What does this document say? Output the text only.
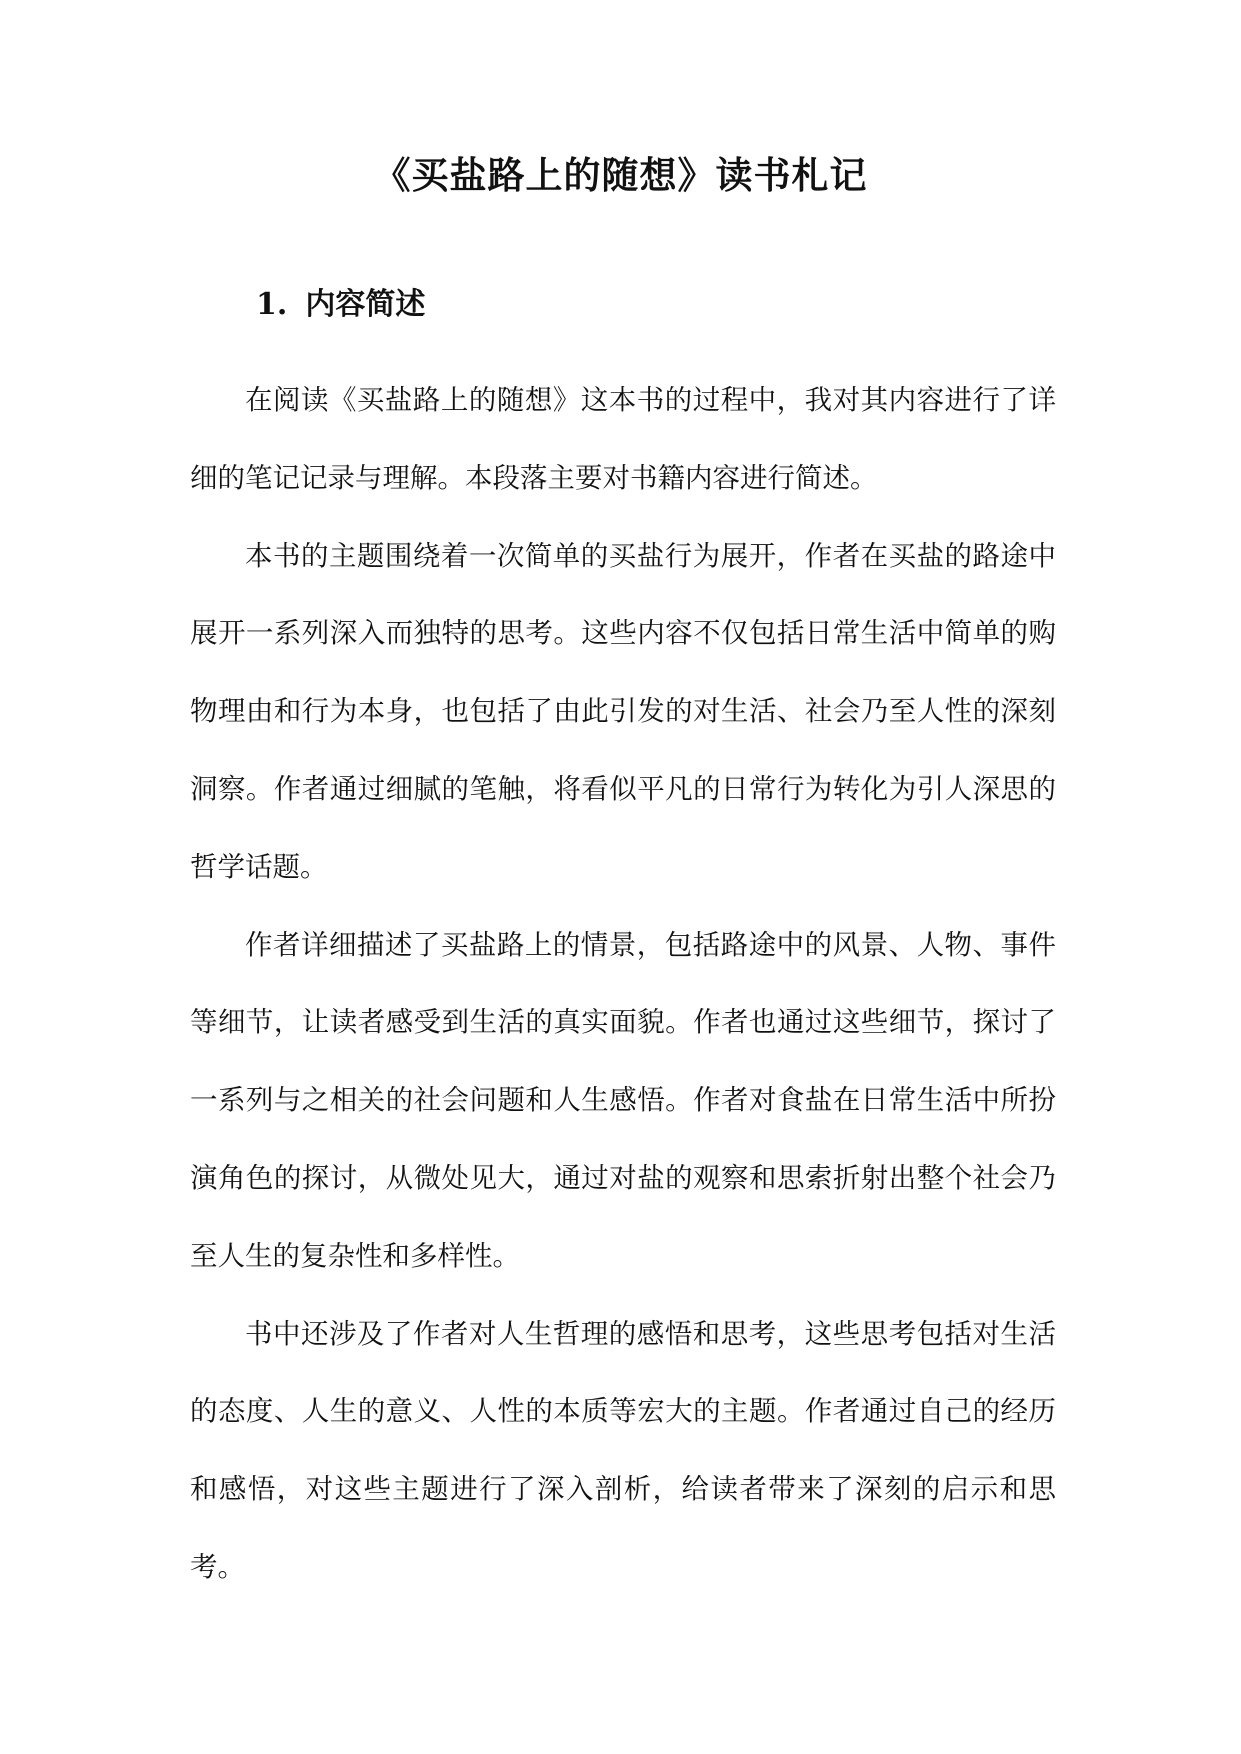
《买盐路上的随想》读书札记
1. 内容简述

在阅读《买盐路上的随想》这本书的过程中，我对其内容进行了详细的笔记记录与理解。本段落主要对书籍内容进行简述。

本书的主题围绕着一次简单的买盐行为展开，作者在买盐的路途中展开一系列深入而独特的思考。这些内容不仅包括日常生活中简单的购物理由和行为本身，也包括了由此引发的对生活、社会乃至人性的深刻洞察。作者通过细腻的笔触，将看似平凡的日常行为转化为引人深思的哲学话题。

作者详细描述了买盐路上的情景，包括路途中的风景、人物、事件等细节，让读者感受到生活的真实面貌。作者也通过这些细节，探讨了一系列与之相关的社会问题和人生感悟。作者对食盐在日常生活中所扮演角色的探讨，从微处见大，通过对盐的观察和思索折射出整个社会乃至人生的复杂性和多样性。

书中还涉及了作者对人生哲理的感悟和思考，这些思考包括对生活的态度、人生的意义、人性的本质等宏大的主题。作者通过自己的经历和感悟，对这些主题进行了深入剖析，给读者带来了深刻的启示和思考。
